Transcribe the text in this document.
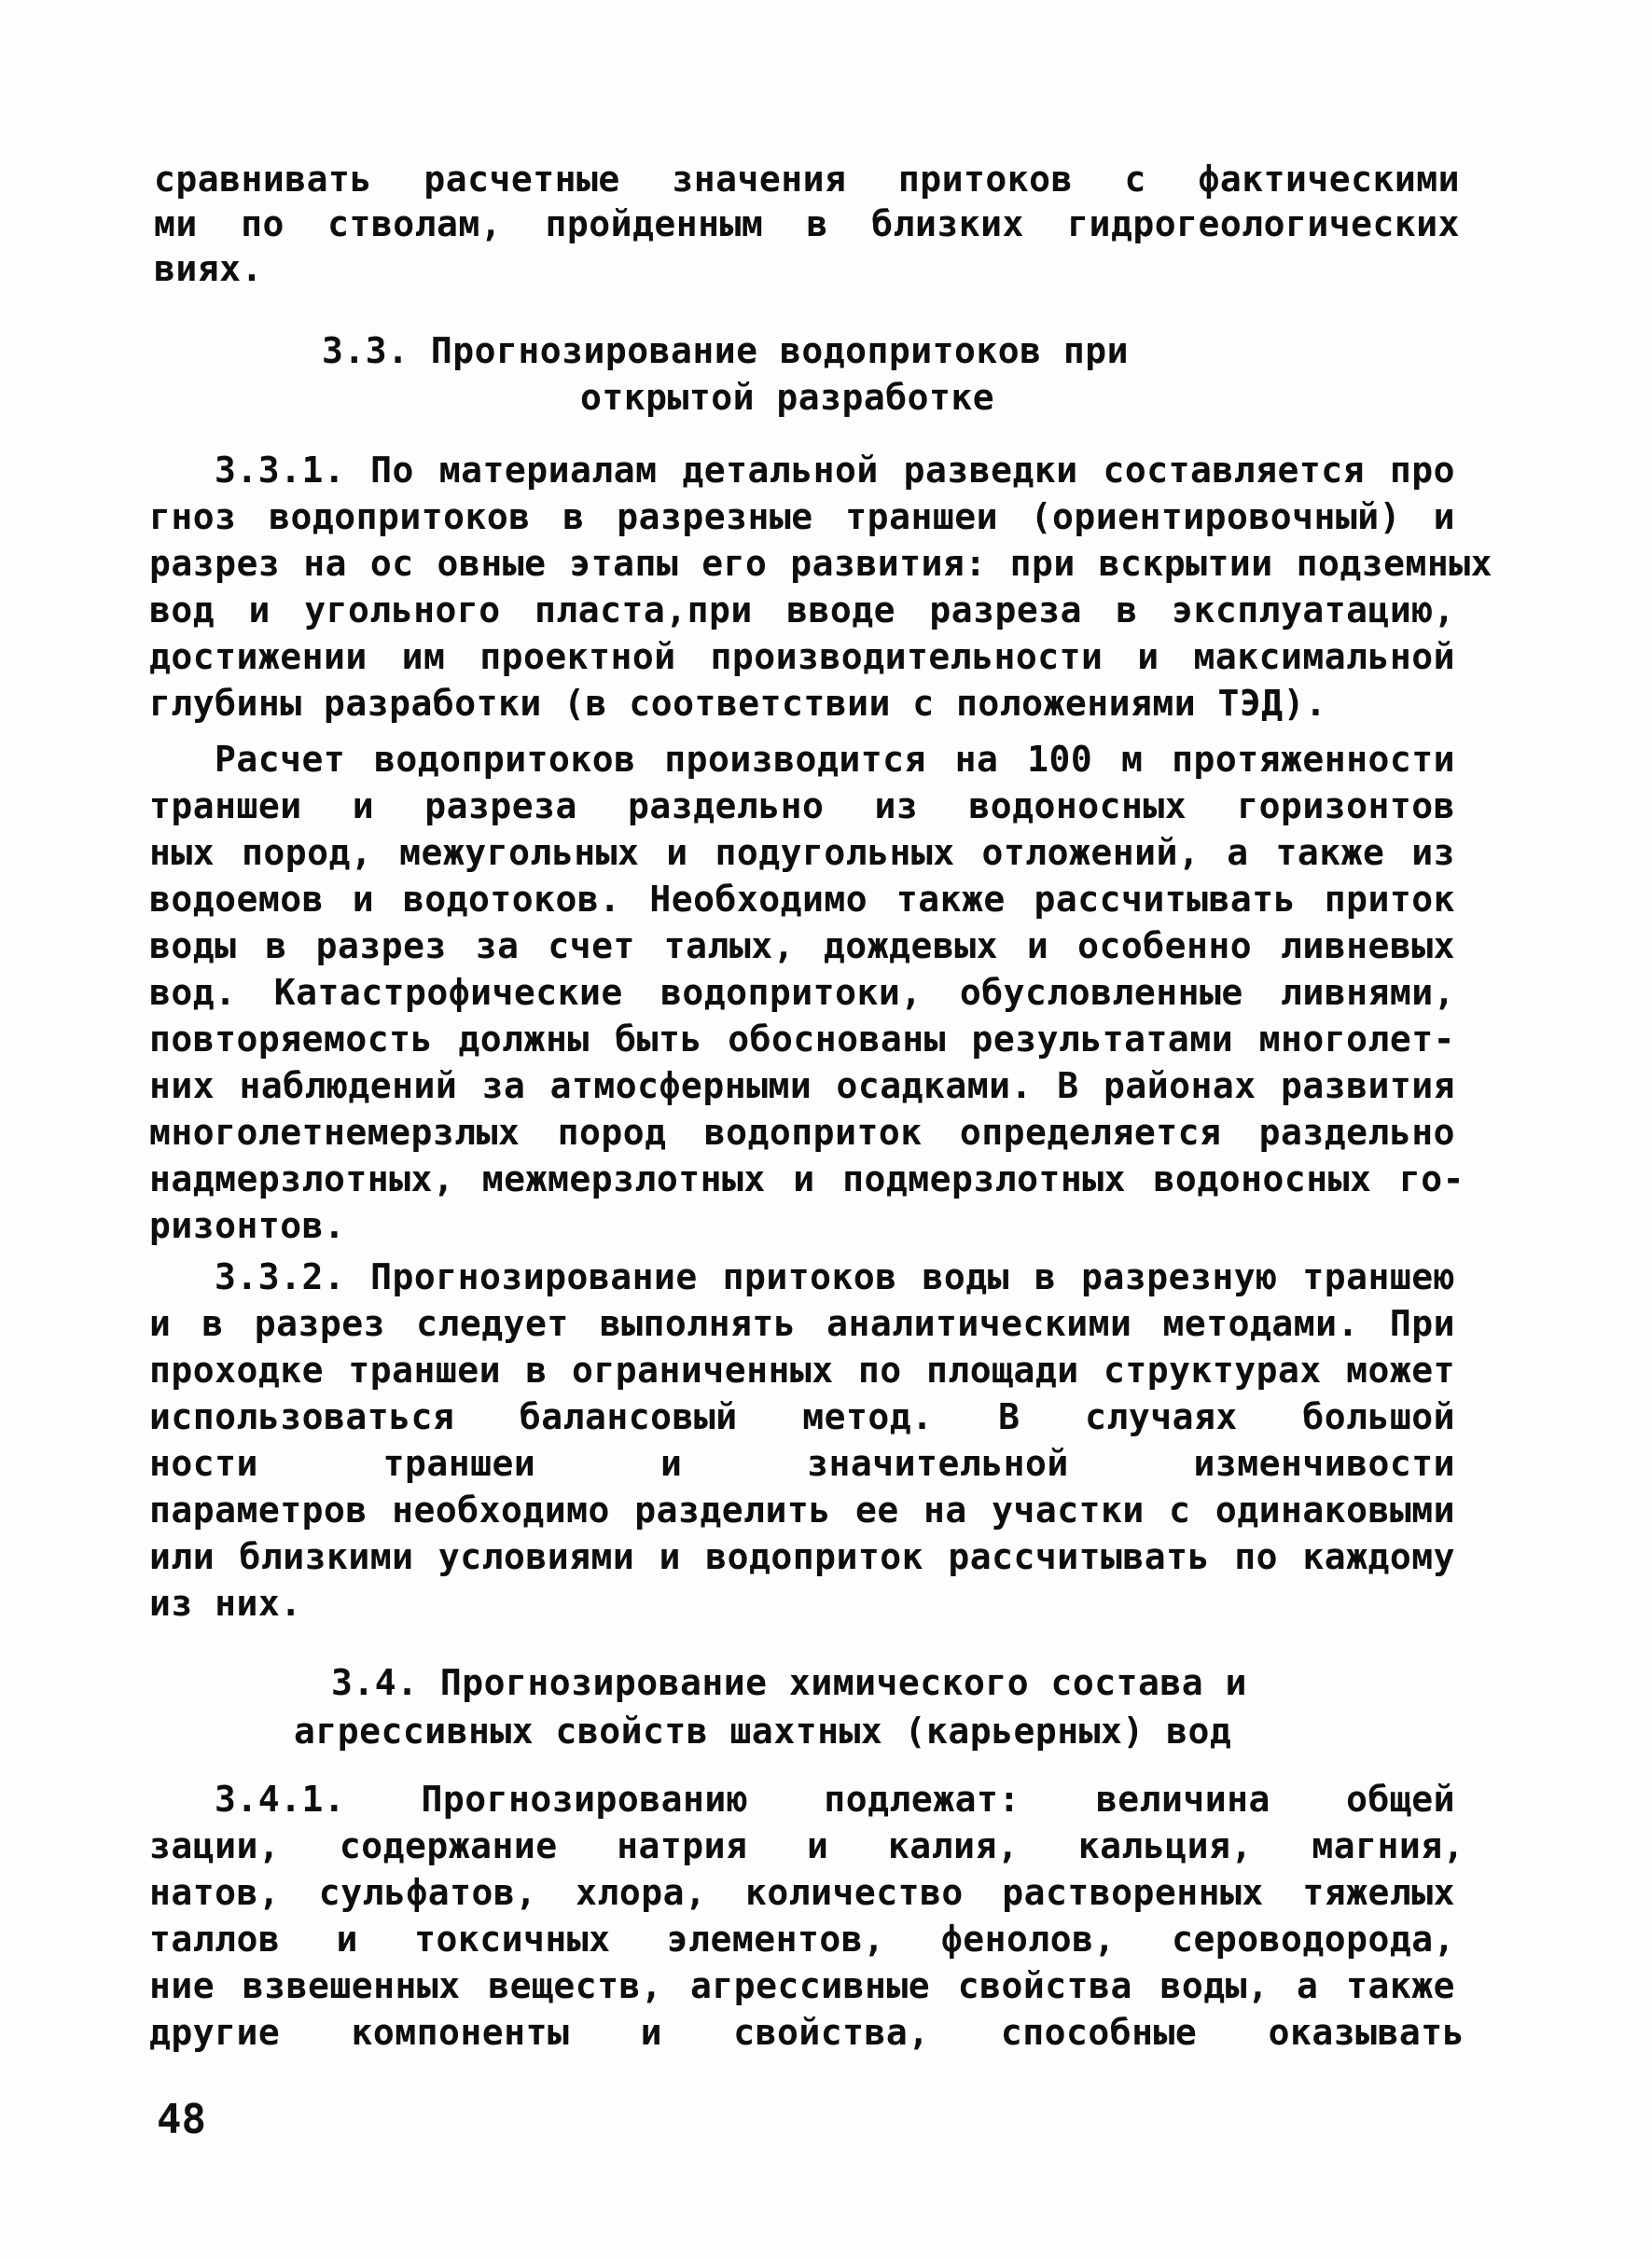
сравнивать расчетные значения притоков с фактическими
ми по стволам, пройденным в близких гидрогеологических
виях.
3.3. Прогнозирование водопритоков при
открытой разработке
3.3.1. По материалам детальной разведки составляется про
гноз водопритоков в разрезные траншеи (ориентировочный) и
разрез на ос овные этапы его развития: при вскрытии подземных
вод и угольного пласта,при вводе разреза в эксплуатацию,
достижении им проектной производительности и максимальной
глубины разработки (в соответствии с положениями ТЭД).
Расчет водопритоков производится на 100 м протяженности
траншеи и разреза раздельно из водоносных горизонтов
ных пород, межугольных и подугольных отложений, а также из
водоемов и водотоков. Необходимо также рассчитывать приток
воды в разрез за счет талых, дождевых и особенно ливневых
вод. Катастрофические водопритоки, обусловленные ливнями,
повторяемость должны быть обоснованы результатами многолет-
них наблюдений за атмосферными осадками. В районах развития
многолетнемерзлых пород водоприток определяется раздельно
надмерзлотных, межмерзлотных и подмерзлотных водоносных го-
ризонтов.
3.3.2. Прогнозирование притоков воды в разрезную траншею
и в разрез следует выполнять аналитическими методами. При
проходке траншеи в ограниченных по площади структурах может
использоваться балансовый метод. В случаях большой
ности траншеи и значительной изменчивости
параметров необходимо разделить ее на участки с одинаковыми
или близкими условиями и водоприток рассчитывать по каждому
из них.
3.4. Прогнозирование химического состава и
агрессивных свойств шахтных (карьерных) вод
3.4.1. Прогнозированию подлежат: величина общей
зации, содержание натрия и калия, кальция, магния,
натов, сульфатов, хлора, количество растворенных тяжелых
таллов и токсичных элементов, фенолов, сероводорода,
ние взвешенных веществ, агрессивные свойства воды, а также
другие компоненты и свойства, способные оказывать
48
